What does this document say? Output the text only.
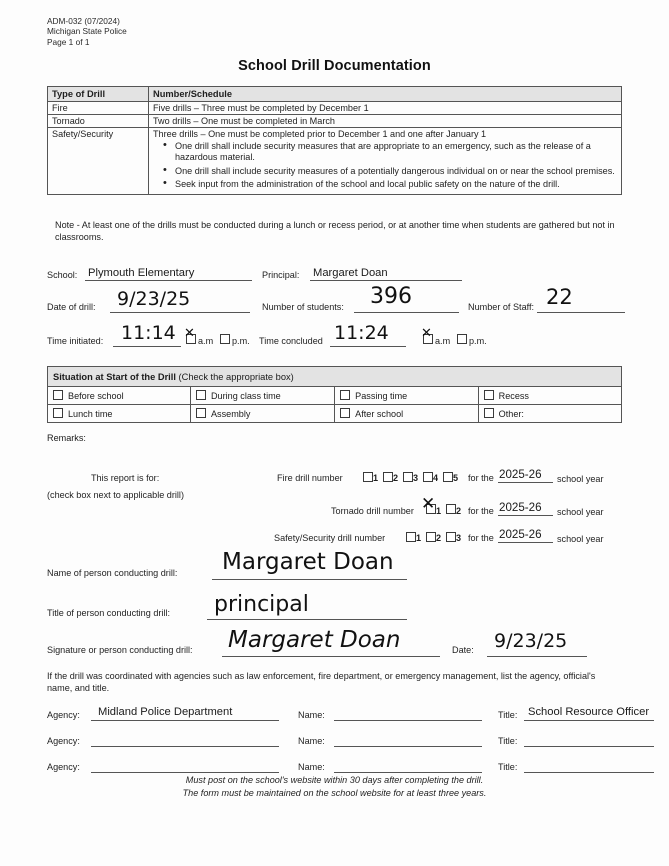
ADM-032 (07/2024)
Michigan State Police
Page 1 of 1
School Drill Documentation
Type of Drill	Number/Schedule
Fire	Five drills – Three must be completed by December 1
Tornado	Two drills – One must be completed in March
Safety/Security	Three drills – One must be completed prior to December 1 and one after January 1
• One drill shall include security measures that are appropriate to an emergency, such as the release of a hazardous material.
• One drill shall include security measures of a potentially dangerous individual on or near the school premises.
• Seek input from the administration of the school and local public safety on the nature of the drill.
Note - At least one of the drills must be conducted during a lunch or recess period, or at another time when students are gathered but not in classrooms.
School: Plymouth Elementary	Principal: Margaret Doan
Date of drill: 9/23/25	Number of students: 396	Number of Staff: 22
Time initiated: 11:14 ✕ a.m p.m. Time concluded 11:24 ✕ a.m p.m.
Situation at Start of the Drill (Check the appropriate box)			
Before school	During class time	Passing time	Recess
Lunch time	Assembly	After school	Other:
Remarks:
This report is for:
(check box next to applicable drill)
Fire drill number	1 2 3 4 5 for the 2025-26 school year
Tornado drill number ✕ 1 2 for the 2025-26 school year
Safety/Security drill number	1 2 3 for the 2025-26 school year
Name of person conducting drill: Margaret Doan
Title of person conducting drill: principal
Signature or person conducting drill: Margaret Doan	Date: 9/23/25
If the drill was coordinated with agencies such as law enforcement, fire department, or emergency management, list the agency, official's name, and title.
Agency: Midland Police Department	Name:	Title: School Resource Officer
Agency:	Name:	Title:
Agency:	Name:	Title:
Must post on the school's website within 30 days after completing the drill.
The form must be maintained on the school website for at least three years.
